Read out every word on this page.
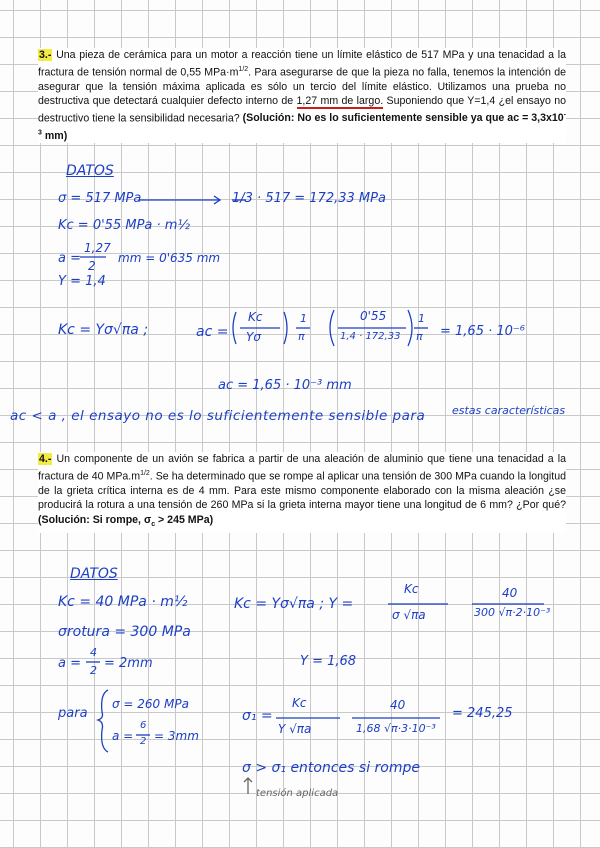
3.- Una pieza de cerámica para un motor a reacción tiene un límite elástico de 517 MPa y una tenacidad a la fractura de tensión normal de 0,55 $MPa\cdot m^{1/2}$. Para asegurarse de que la pieza no falla, tenemos la intención de asegurar que la tensión máxima aplicada es sólo un tercio del límite elástico. Utilizamos una prueba no destructiva que detectará cualquier defecto interno de 1,27 mm de largo. Suponiendo que Y=1,4 ¿el ensayo no destructivo tiene la sensibilidad necesaria? (Solución: No es lo suficientemente sensible ya que ac = $3,3x10^{-3}$ mm)

DATOS
σ = 517 MPa	1/3 · 517 = 172,33 MPa
Kc = 0'55 MPa · m½
a =
1,27
2
mm = 0'635 mm
Y = 1,4
Kc = Yσ√πa ;	ac =
Kc
Yσ
1
π
0'55
1,4 · 172,33
1
π = 1,65 · 10⁻⁶
ac = 1,65 · 10⁻³ mm
ac < a , el ensayo no es lo suficientemente sensible para estas características

4.- Un componente de un avión se fabrica a partir de una aleación de aluminio que tiene una tenacidad a la fractura de 40 $MPa.m^{1/2}$. Se ha determinado que se rompe al aplicar una tensión de 300 MPa cuando la longitud de la grieta crítica interna es de 4 mm. Para este mismo componente elaborado con la misma aleación ¿se producirá la rotura a una tensión de 260 MPa si la grieta interna mayor tiene una longitud de 6 mm? ¿Por qué? (Solución: Si rompe, $\sigma_c > 245$ MPa)

DATOS
Kc = 40 MPa · m½
σrotura = 300 MPa
a =
4
2 = 2mm
Kc = Yσ√πa ; Y =
Kc
σ √πa
40
300 √π·2·10⁻³
Y = 1,68
para
σ = 260 MPa
a =
6
2 = 3mm
σ₁ =
Kc
Y √πa
40
1,68 √π·3·10⁻³
= 245,25
σ > σ₁ entonces si rompe
tensión aplicada
